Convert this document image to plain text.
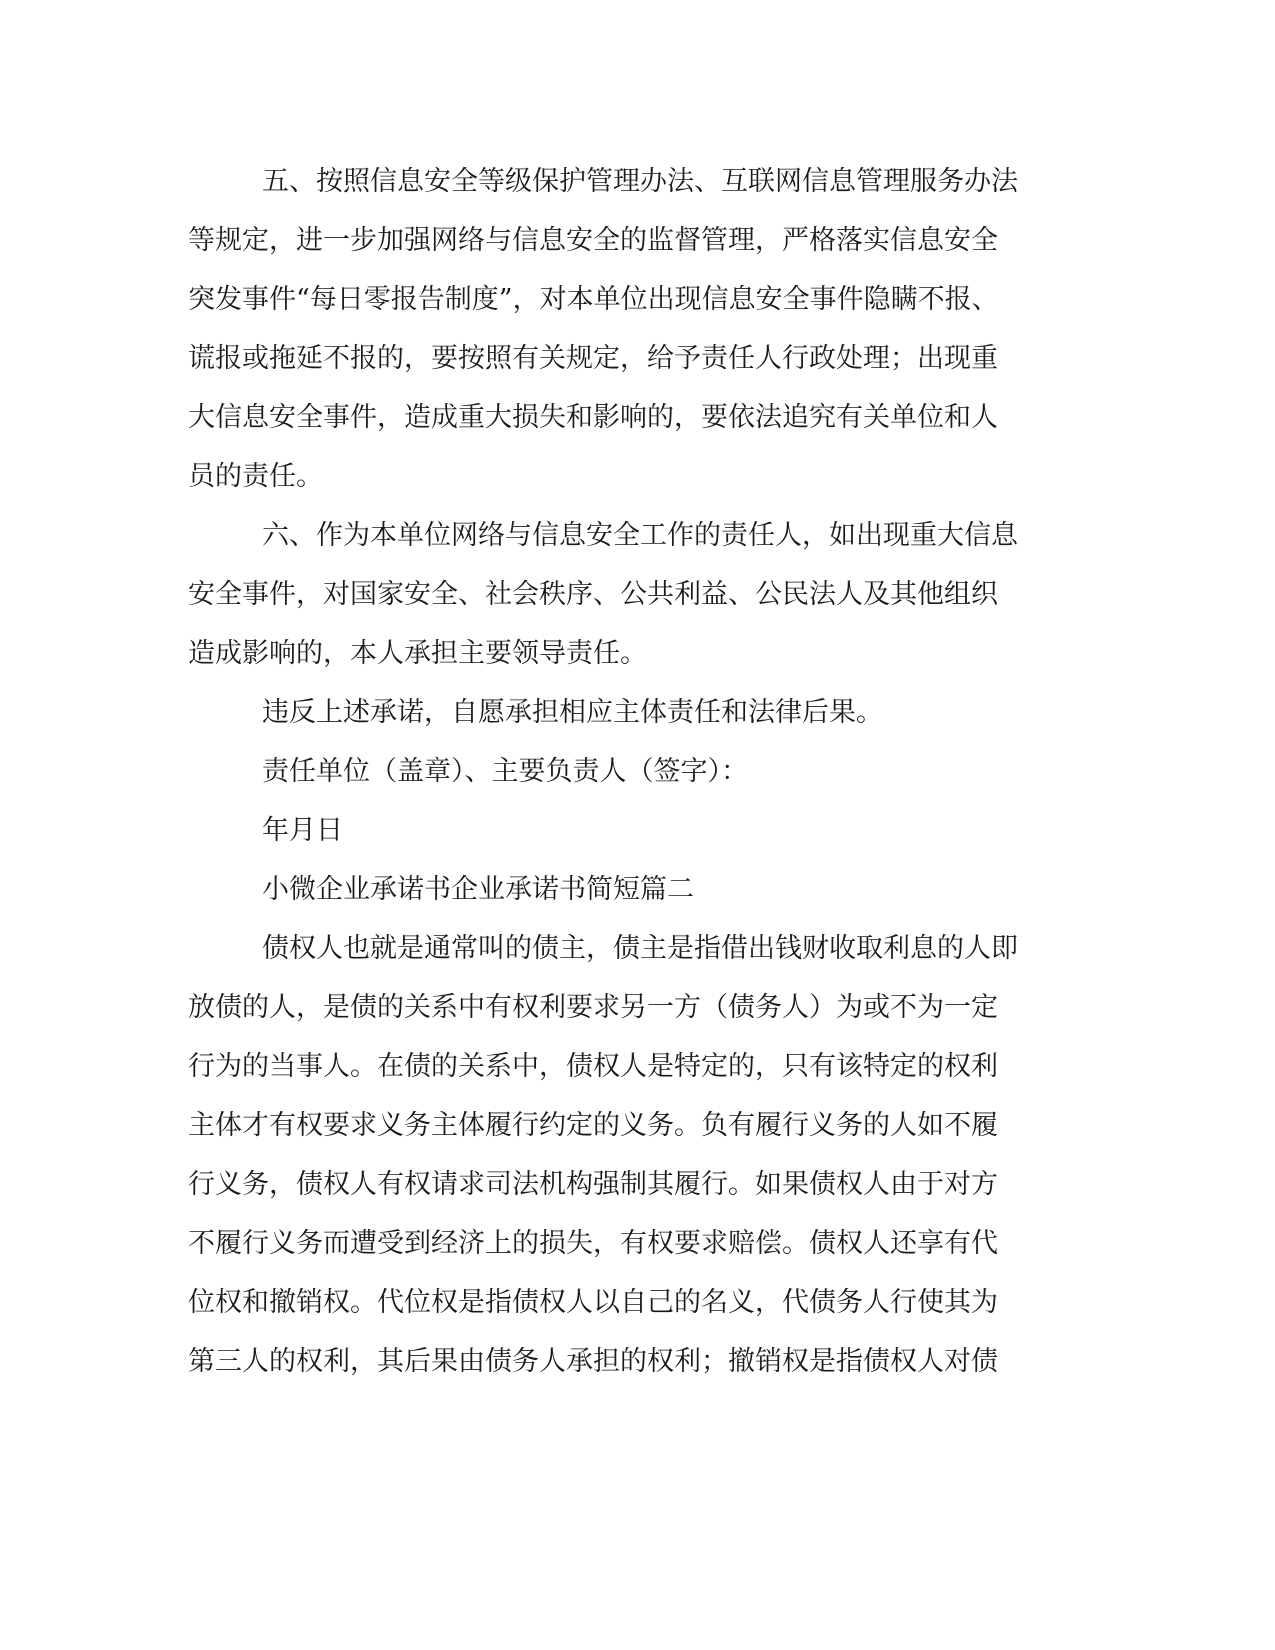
五、按照信息安全等级保护管理办法、互联网信息管理服务办法
等规定，进一步加强网络与信息安全的监督管理，严格落实信息安全
突发事件“每日零报告制度”，对本单位出现信息安全事件隐瞒不报、
谎报或拖延不报的，要按照有关规定，给予责任人行政处理；出现重
大信息安全事件，造成重大损失和影响的，要依法追究有关单位和人
员的责任。
六、作为本单位网络与信息安全工作的责任人，如出现重大信息
安全事件，对国家安全、社会秩序、公共利益、公民法人及其他组织
造成影响的，本人承担主要领导责任。
违反上述承诺，自愿承担相应主体责任和法律后果。
责任单位（盖章）、主要负责人（签字）：
年月日
小微企业承诺书企业承诺书简短篇二
债权人也就是通常叫的债主，债主是指借出钱财收取利息的人即
放债的人，是债的关系中有权利要求另一方（债务人）为或不为一定
行为的当事人。在债的关系中，债权人是特定的，只有该特定的权利
主体才有权要求义务主体履行约定的义务。负有履行义务的人如不履
行义务，债权人有权请求司法机构强制其履行。如果债权人由于对方
不履行义务而遭受到经济上的损失，有权要求赔偿。债权人还享有代
位权和撤销权。代位权是指债权人以自己的名义，代债务人行使其为
第三人的权利，其后果由债务人承担的权利；撤销权是指债权人对债
